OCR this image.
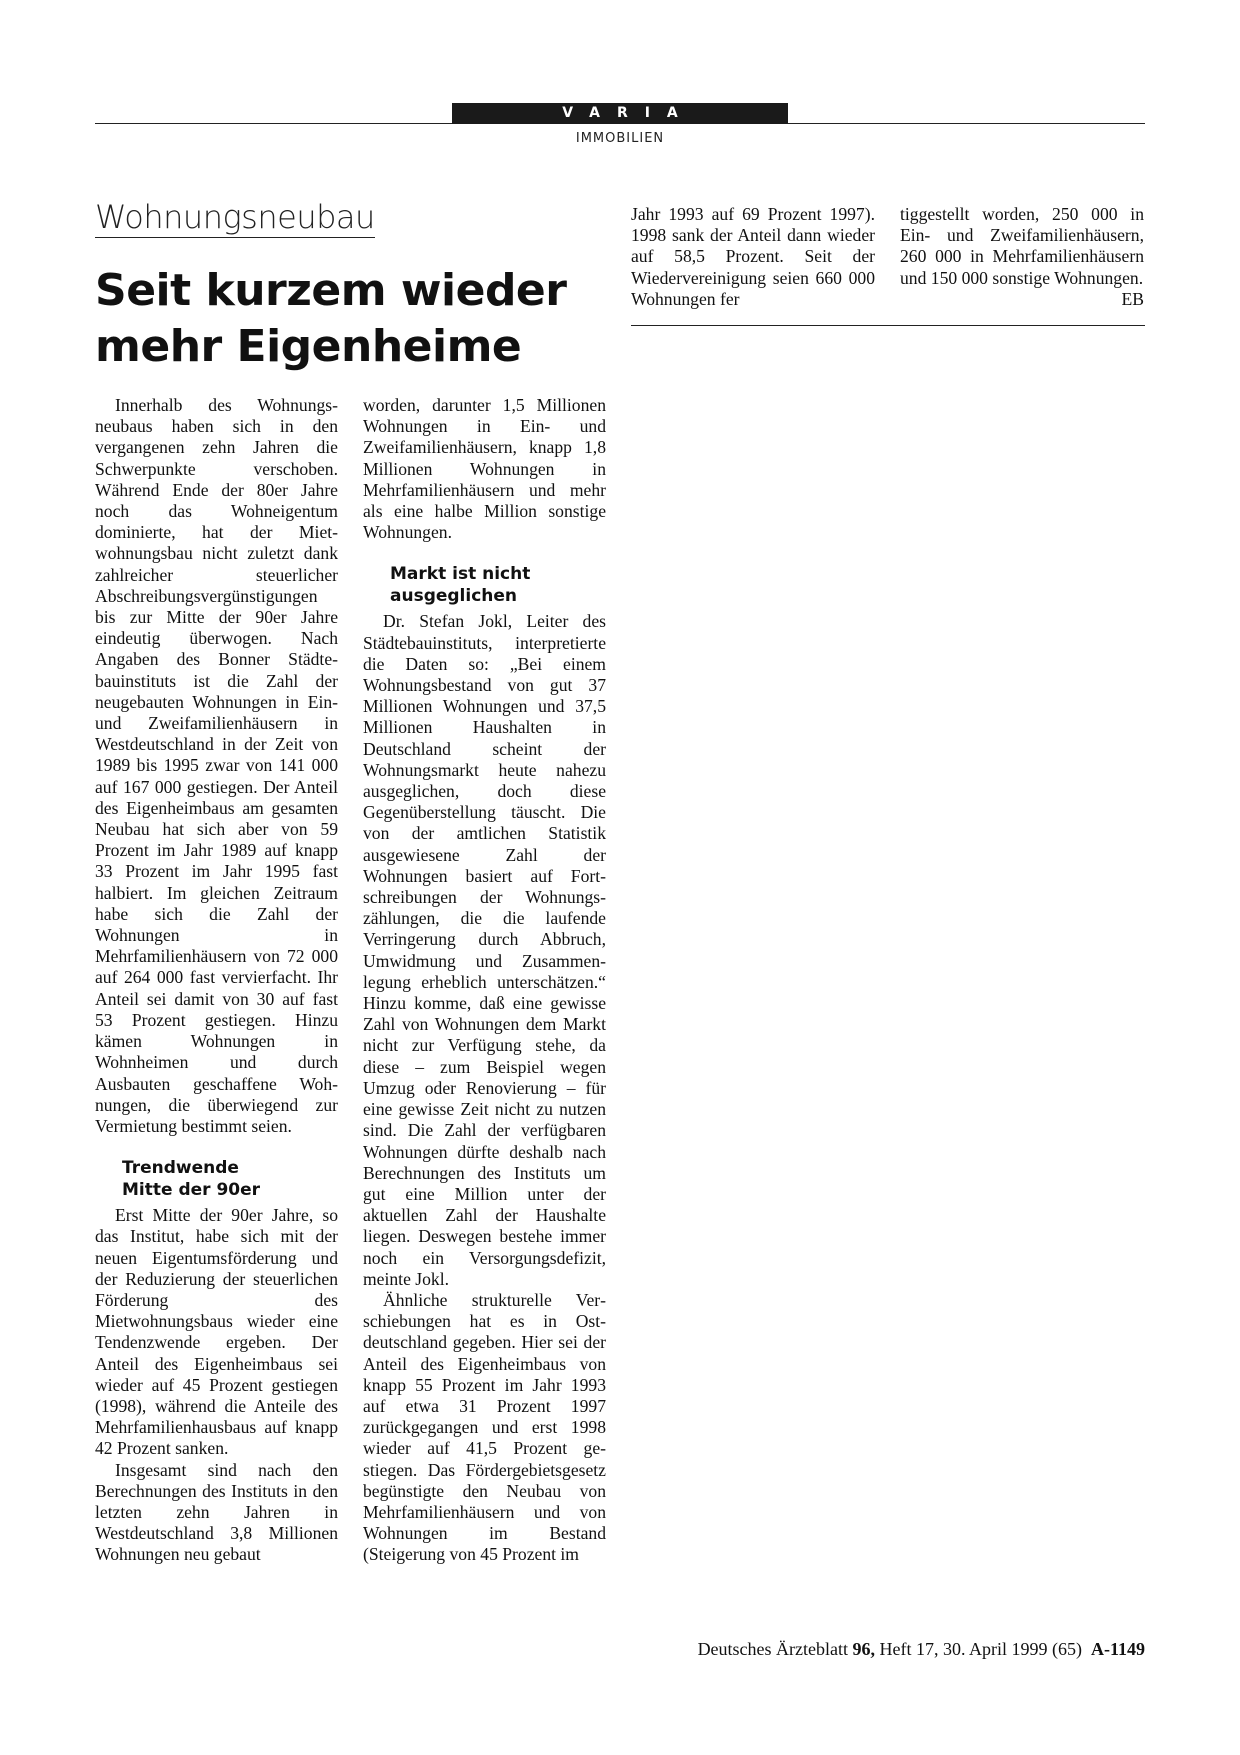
VARIA
IMMOBILIEN
Wohnungsneubau
Seit kurzem wieder
mehr Eigenheime

Innerhalb des Wohnungsneubaus haben sich in den vergangenen zehn Jahren die Schwerpunkte verschoben. Während Ende der 80er Jahre noch das Wohneigentum dominierte, hat der Mietwohnungsbau nicht zuletzt dank zahlreicher steuerlicher Abschreibungsvergünstigungen bis zur Mitte der 90er Jahre eindeutig überwogen. Nach Angaben des Bonner Städtebauinstituts ist die Zahl der neugebauten Wohnungen in Ein- und Zweifamilienhäusern in Westdeutschland in der Zeit von 1989 bis 1995 zwar von 141 000 auf 167 000 gestiegen. Der Anteil des Eigenheimbaus am gesamten Neubau hat sich aber von 59 Prozent im Jahr 1989 auf knapp 33 Prozent im Jahr 1995 fast halbiert. Im gleichen Zeitraum habe sich die Zahl der Wohnungen in Mehrfamilienhäusern von 72 000 auf 264 000 fast vervierfacht. Ihr Anteil sei damit von 30 auf fast 53 Prozent gestiegen. Hinzu kämen Wohnungen in Wohnheimen und durch Ausbauten geschaffene Wohnungen, die überwiegend zur Vermietung bestimmt seien.

Trendwende
Mitte der 90er

Erst Mitte der 90er Jahre, so das Institut, habe sich mit der neuen Eigentumsförderung und der Reduzierung der steuerlichen Förderung des Mietwohnungsbaus wieder eine Tendenzwende ergeben. Der Anteil des Eigenheimbaus sei wieder auf 45 Prozent gestiegen (1998), während die Anteile des Mehrfamilienhausbaus auf knapp 42 Prozent sanken.

Insgesamt sind nach den Berechnungen des Instituts in den letzten zehn Jahren in Westdeutschland 3,8 Millionen Wohnungen neu gebaut

worden, darunter 1,5 Millionen Wohnungen in Ein- und Zweifamilienhäusern, knapp 1,8 Millionen Wohnungen in Mehrfamilienhäusern und mehr als eine halbe Million sonstige Wohnungen.

Markt ist nicht
ausgeglichen

Dr. Stefan Jokl, Leiter des Städtebauinstituts, interpretierte die Daten so: „Bei einem Wohnungsbestand von gut 37 Millionen Wohnungen und 37,5 Millionen Haushalten in Deutschland scheint der Wohnungsmarkt heute nahezu ausgeglichen, doch diese Gegenüberstellung täuscht. Die von der amtlichen Statistik ausgewiesene Zahl der Wohnungen basiert auf Fortschreibungen der Wohnungszählungen, die die laufende Verringerung durch Abbruch, Umwidmung und Zusammenlegung erheblich unterschätzen.“ Hinzu komme, daß eine gewisse Zahl von Wohnungen dem Markt nicht zur Verfügung stehe, da diese – zum Beispiel wegen Umzug oder Renovierung – für eine gewisse Zeit nicht zu nutzen sind. Die Zahl der verfügbaren Wohnungen dürfte deshalb nach Berechnungen des Instituts um gut eine Million unter der aktuellen Zahl der Haushalte liegen. Deswegen bestehe immer noch ein Versorgungsdefizit, meinte Jokl.

Ähnliche strukturelle Verschiebungen hat es in Ostdeutschland gegeben. Hier sei der Anteil des Eigenheimbaus von knapp 55 Prozent im Jahr 1993 auf etwa 31 Prozent 1997 zurückgegangen und erst 1998 wieder auf 41,5 Prozent gestiegen. Das Fördergebietsgesetz begünstigte den Neubau von Mehrfamilienhäusern und von Wohnungen im Bestand (Steigerung von 45 Prozent im

Jahr 1993 auf 69 Prozent 1997). 1998 sank der Anteil dann wieder auf 58,5 Prozent. Seit der Wiedervereinigung seien 660 000 Wohnungen fer

tiggestellt worden, 250 000 in Ein- und Zweifamilienhäusern, 260 000 in Mehrfamilienhäusern und 150 000 sonstige Wohnungen.
EB

Deutsches Ärzteblatt 96, Heft 17, 30. April 1999 (65) A-1149
